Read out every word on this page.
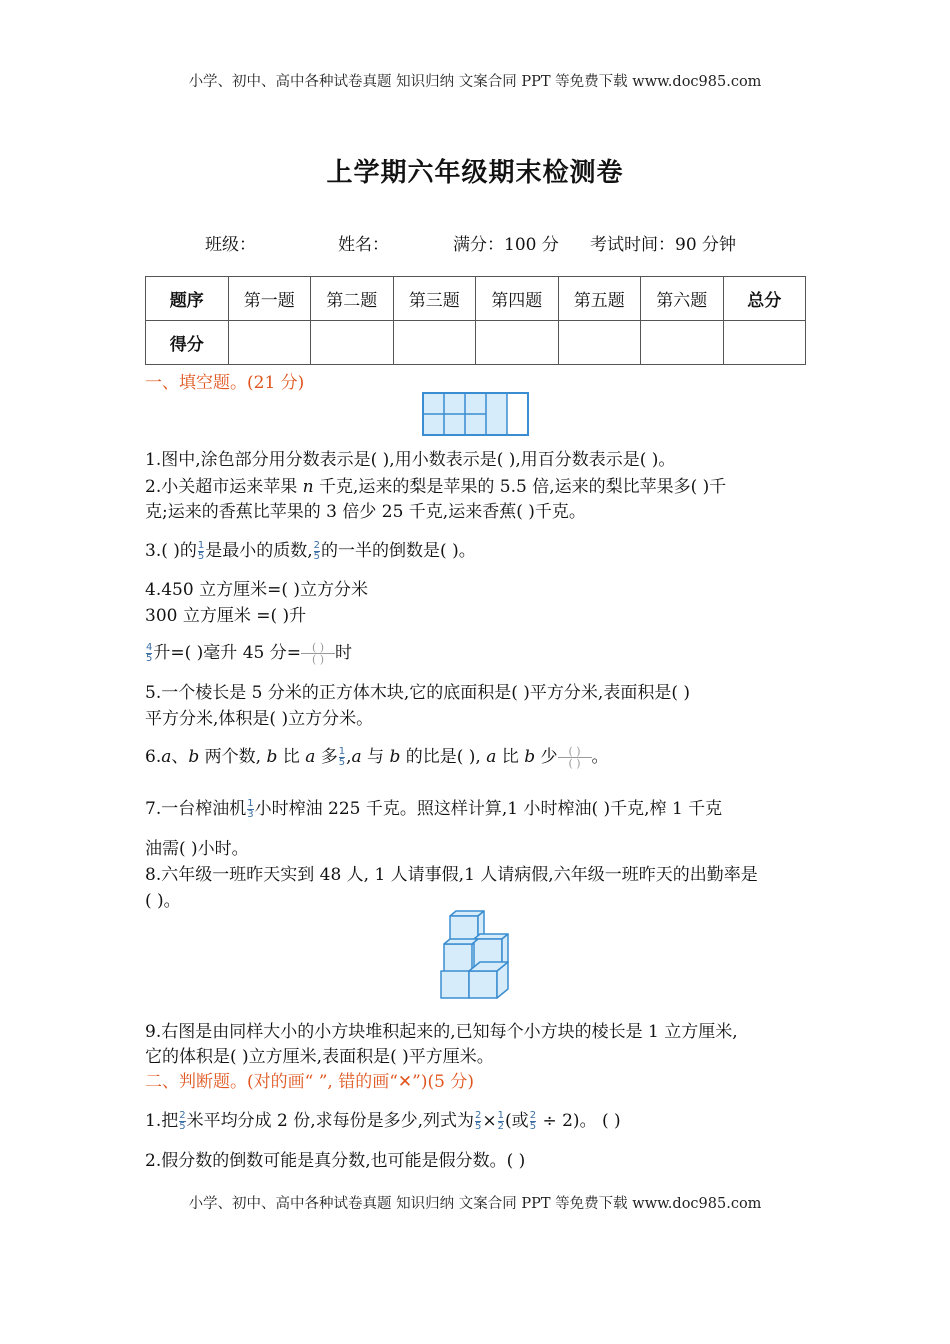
小学、初中、高中各种试卷真题 知识归纳 文案合同 PPT 等免费下载 www.doc985.com
上学期六年级期末检测卷
班级：	姓名：	满分：100 分 考试时间：90 分钟
题序	第一题	第二题	第三题	第四题	第五题	第六题	总分
得分							
一、填空题。(21 分)
1.图中,涂色部分用分数表示是( ),用小数表示是( ),用百分数表示是( )。
2.小关超市运来苹果 n 千克,运来的梨是苹果的 5.5 倍,运来的梨比苹果多( )千
克;运来的香蕉比苹果的 3 倍少 25 千克,运来香蕉( )千克。
3.( )的 $\frac{1}{5}$ 是最小的质数, $\frac{2}{5}$ 的一半的倒数是( )。
4.450 立方厘米=( )立方分米
300 立方厘米 =( )升
$\frac{4}{5}$ 升=( )毫升 45 分= ( )
( ) 时
5.一个棱长是 5 分米的正方体木块,它的底面积是( )平方分米,表面积是( )
平方分米,体积是( )立方分米。
6.a、b 两个数, b 比 a 多 $\frac{1}{5} ,a$ 与 b 的比是( ), a 比 b 少 ( )
( ) 。
7.一台榨油机 $\frac{1}{3}$ 小时榨油 225 千克。照这样计算,1 小时榨油( )千克,榨 1 千克
油需( )小时。
8.六年级一班昨天实到 48 人, 1 人请事假,1 人请病假,六年级一班昨天的出勤率是
( )。
9.右图是由同样大小的小方块堆积起来的,已知每个小方块的棱长是 1 立方厘米,
它的体积是( )立方厘米,表面积是( )平方厘米。
二、判断题。(对的画“ ”, 错的画“✕”)(5 分)
1.把 $\frac{2}{5}$ 米平均分成 2 份,求每份是多少,列式为 $\frac{2}{5} \times \frac{1}{2}$ (或 $\frac{2}{5} \div 2$)。 ( )
2.假分数的倒数可能是真分数,也可能是假分数。( )
小学、初中、高中各种试卷真题 知识归纳 文案合同 PPT 等免费下载 www.doc985.com
